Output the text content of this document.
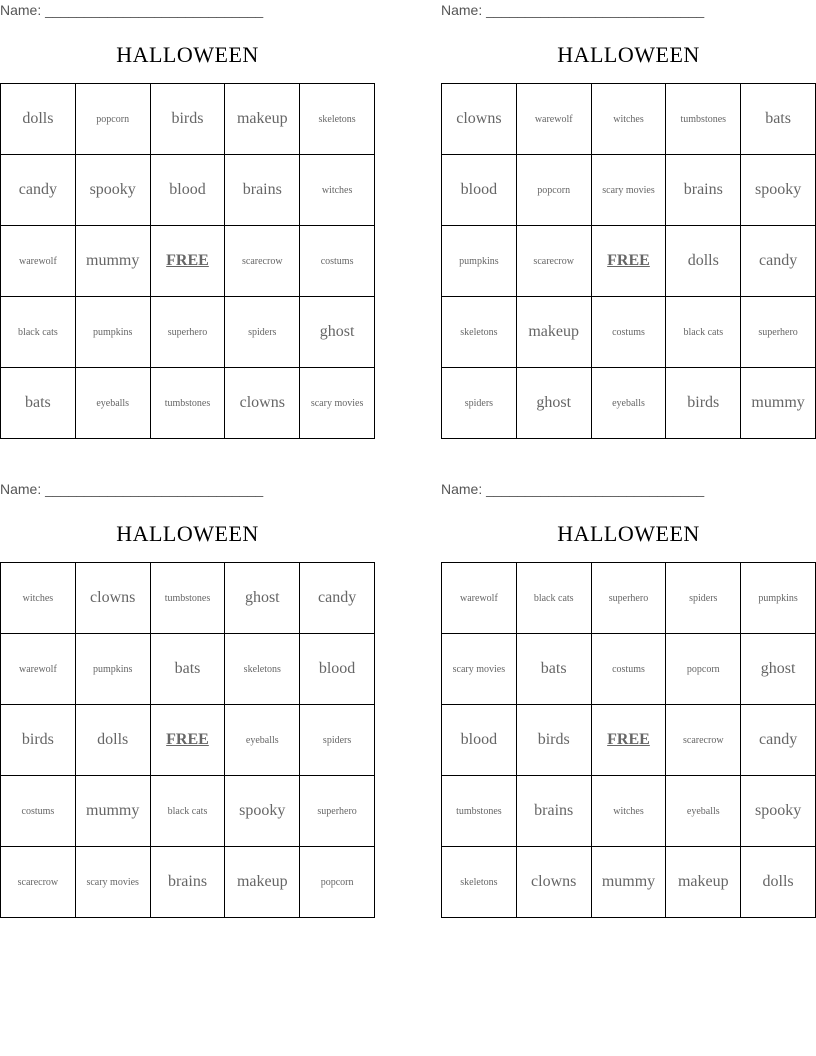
Name: ____________________________
HALLOWEEN
dolls	popcorn	birds	makeup	skeletons
candy	spooky	blood	brains	witches
warewolf	mummy	FREE	scarecrow	costums
black cats	pumpkins	superhero	spiders	ghost
bats	eyeballs	tumbstones	clowns	scary movies
Name: ____________________________
HALLOWEEN
clowns	warewolf	witches	tumbstones	bats
blood	popcorn	scary movies	brains	spooky
pumpkins	scarecrow	FREE	dolls	candy
skeletons	makeup	costums	black cats	superhero
spiders	ghost	eyeballs	birds	mummy
Name: ____________________________
HALLOWEEN
witches	clowns	tumbstones	ghost	candy
warewolf	pumpkins	bats	skeletons	blood
birds	dolls	FREE	eyeballs	spiders
costums	mummy	black cats	spooky	superhero
scarecrow	scary movies	brains	makeup	popcorn
Name: ____________________________
HALLOWEEN
warewolf	black cats	superhero	spiders	pumpkins
scary movies	bats	costums	popcorn	ghost
blood	birds	FREE	scarecrow	candy
tumbstones	brains	witches	eyeballs	spooky
skeletons	clowns	mummy	makeup	dolls
